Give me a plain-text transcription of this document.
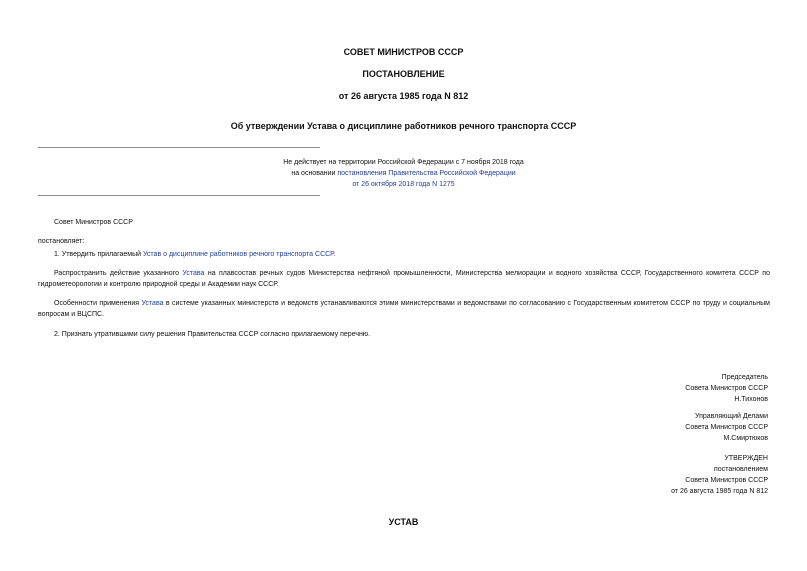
СОВЕТ МИНИСТРОВ СССР
ПОСТАНОВЛЕНИЕ
от 26 августа 1985 года N 812
Об утверждении Устава о дисциплине работников речного транспорта СССР
Не действует на территории Российской Федерации с 7 ноября 2018 года
на основании постановления Правительства Российской Федерации
от 26 октября 2018 года N 1275
Совет Министров СССР
постановляет:
1. Утвердить прилагаемый Устав о дисциплине работников речного транспорта СССР.
Распространить действие указанного Устава на плавсостав речных судов Министерства нефтяной промышленности, Министерства мелиорации и водного хозяйства СССР, Государственного комитета СССР по гидрометеорологии и контролю природной среды и Академии наук СССР.
Особенности применения Устава в системе указанных министерств и ведомств устанавливаются этими министерствами и ведомствами по согласованию с Государственным комитетом СССР по труду и социальным вопросам и ВЦСПС.
2. Признать утратившими силу решения Правительства СССР согласно прилагаемому перечню.
Председатель
Совета Министров СССР
Н.Тихонов
Управляющий Делами
Совета Министров СССР
М.Смиртюков
УТВЕРЖДЕН
постановлением
Совета Министров СССР
от 26 августа 1985 года N 812
УСТАВ
